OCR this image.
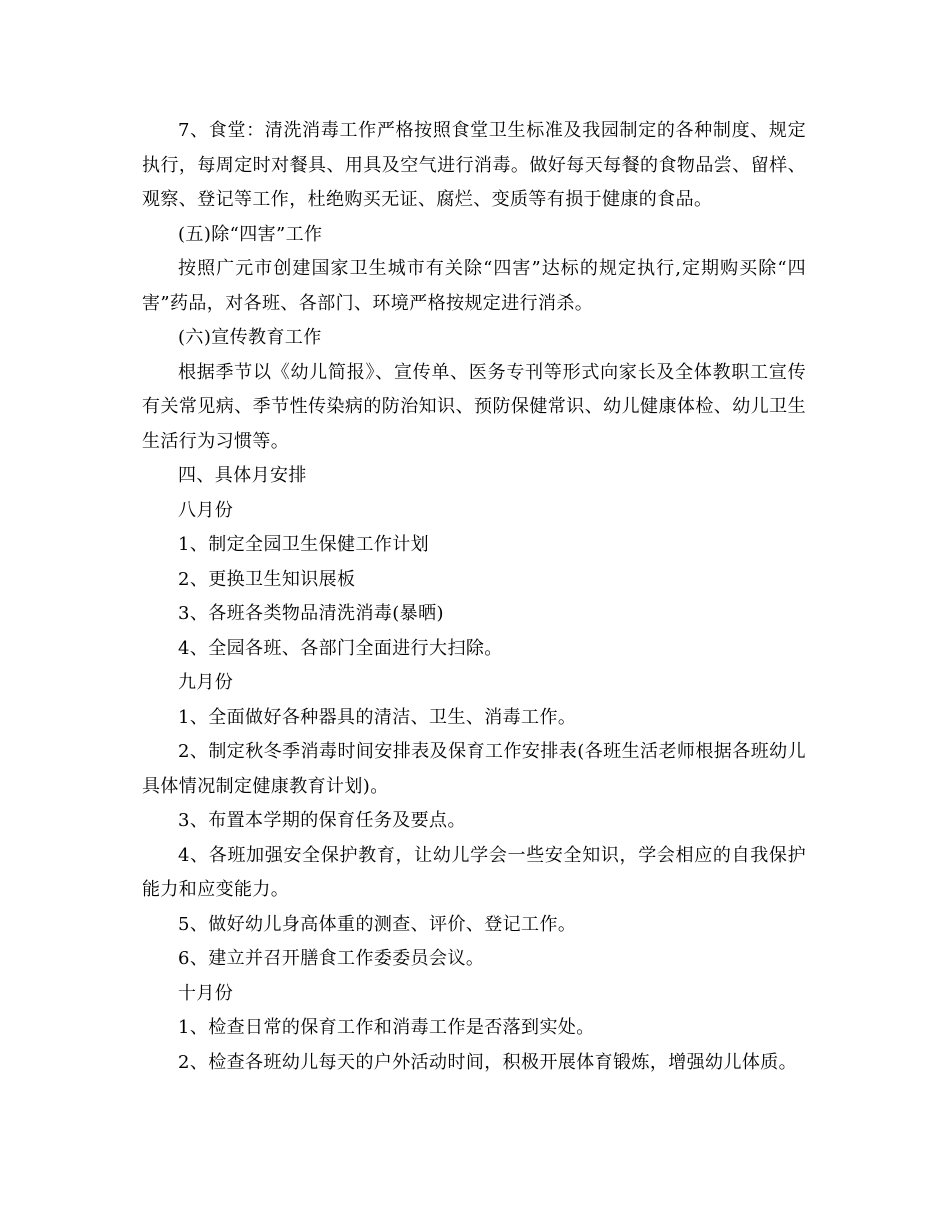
7、食堂：清洗消毒工作严格按照食堂卫生标准及我园制定的各种制度、规定执行，每周定时对餐具、用具及空气进行消毒。做好每天每餐的食物品尝、留样、观察、登记等工作，杜绝购买无证、腐烂、变质等有损于健康的食品。

(五)除“四害”工作

按照广元市创建国家卫生城市有关除“四害”达标的规定执行,定期购买除“四害”药品，对各班、各部门、环境严格按规定进行消杀。

(六)宣传教育工作

根据季节以《幼儿简报》、宣传单、医务专刊等形式向家长及全体教职工宣传有关常见病、季节性传染病的防治知识、预防保健常识、幼儿健康体检、幼儿卫生生活行为习惯等。

四、具体月安排

八月份

1、制定全园卫生保健工作计划

2、更换卫生知识展板

3、各班各类物品清洗消毒(暴晒)

4、全园各班、各部门全面进行大扫除。

九月份

1、全面做好各种器具的清洁、卫生、消毒工作。

2、制定秋冬季消毒时间安排表及保育工作安排表(各班生活老师根据各班幼儿具体情况制定健康教育计划)。

3、布置本学期的保育任务及要点。

4、各班加强安全保护教育，让幼儿学会一些安全知识，学会相应的自我保护能力和应变能力。

5、做好幼儿身高体重的测查、评价、登记工作。

6、建立并召开膳食工作委委员会议。

十月份

1、检查日常的保育工作和消毒工作是否落到实处。

2、检查各班幼儿每天的户外活动时间，积极开展体育锻炼，增强幼儿体质。
